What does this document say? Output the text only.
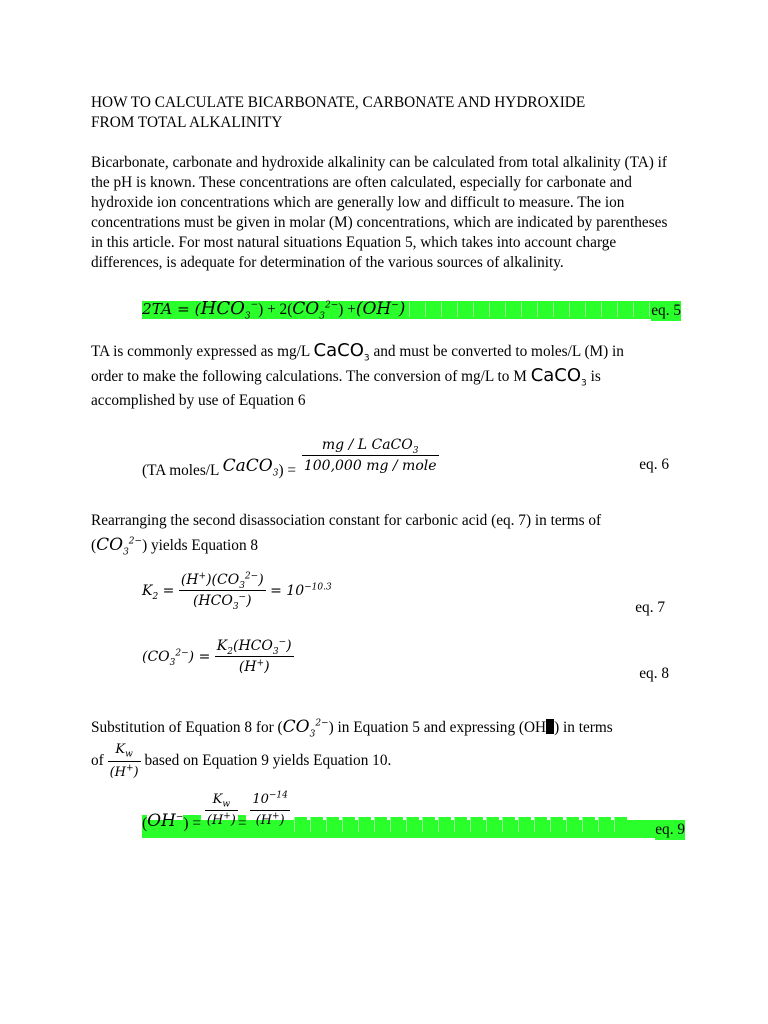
HOW TO CALCULATE BICARBONATE, CARBONATE AND HYDROXIDE
FROM TOTAL ALKALINITY

Bicarbonate, carbonate and hydroxide alkalinity can be calculated from total alkalinity (TA) if the pH is known. These concentrations are often calculated, especially for carbonate and hydroxide ion concentrations which are generally low and difficult to measure. The ion concentrations must be given in molar (M) concentrations, which are indicated by parentheses in this article. For most natural situations Equation 5, which takes into account charge differences, is adequate for determination of the various sources of alkalinity.

$2TA = (HCO_3^-) + 2(CO_3^{2-}) +(OH^-)$	eq. 5

TA is commonly expressed as mg/L CaCO$_3$ and must be converted to moles/L (M) in
order to make the following calculations. The conversion of mg/L to M CaCO$_3$ is
accomplished by use of Equation 6

(TA moles/L CaCO$_3$) = $\frac{mg / L CaCO_3}{\text{100,000 mg / mole}}$	eq. 6

Rearranging the second disassociation constant for carbonic acid (eq. 7) in terms of
$(CO_3^{2-})$ yields Equation 8

$K_2 = \frac{(H^+)(CO_3^{2-})}{(HCO_3^-)} = 10^{-10.3}$
eq. 7
$(CO_3^{2-}) = \frac{K_2(HCO_3^-)}{(H^+)}$	eq. 8

Substitution of Equation 8 for $(CO_3^{2-})$ in Equation 5 and expressing (OH ) in terms
of $\frac{K_w}{(H^+)}$ based on Equation 9 yields Equation 10.

$(OH^-) = \frac{K_w}{(H^+)} = \frac{10^{-14}}{(H^+)}$
	eq. 9
